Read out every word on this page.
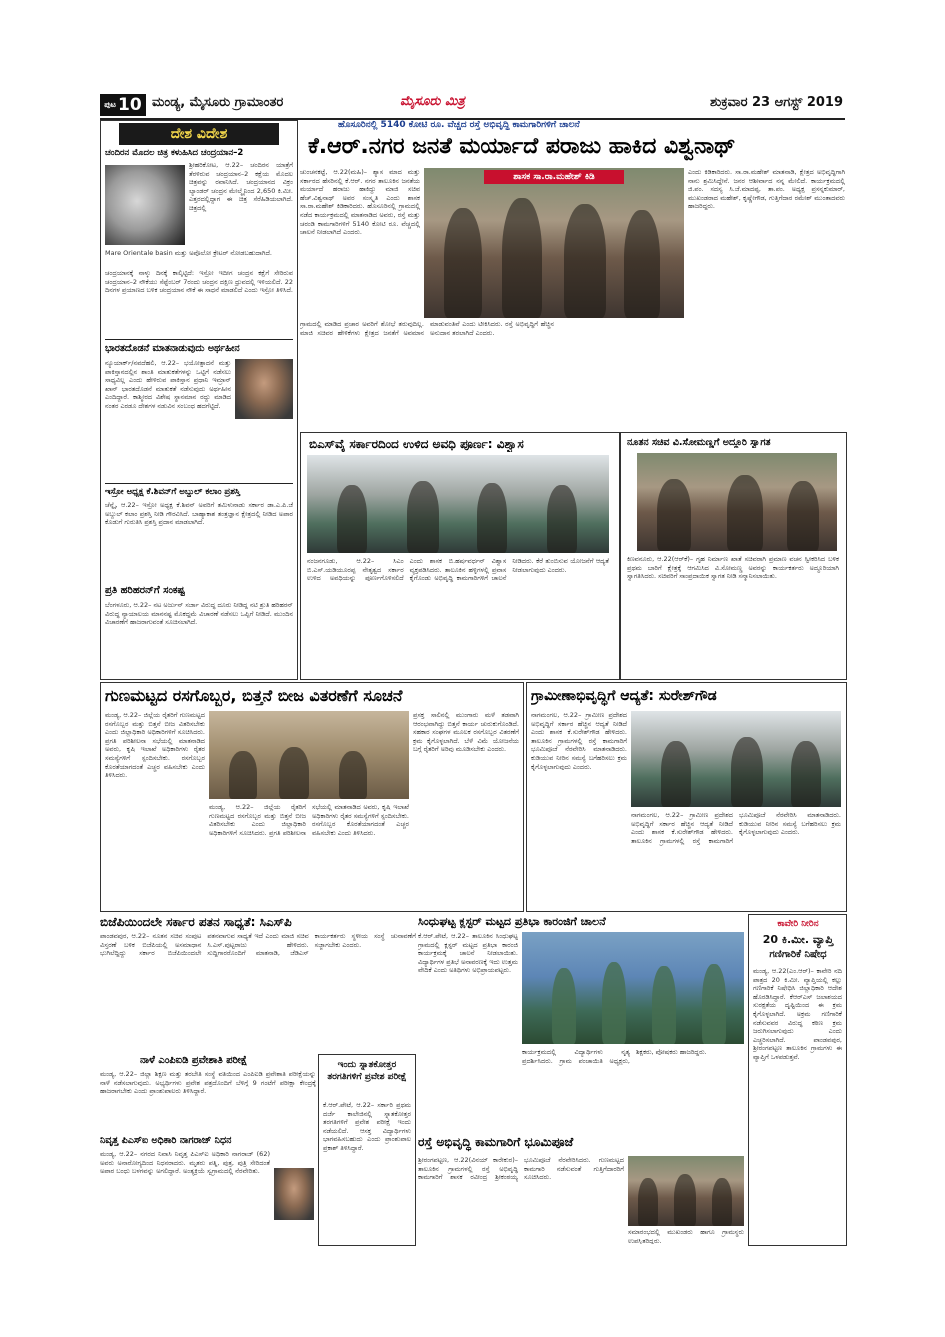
$^{ಪುಟ}$ 10 ಮಂಡ್ಯ, ಮೈಸೂರು ಗ್ರಾಮಾಂತರ	ಮೈಸೂರು ಮಿತ್ರ	ಶುಕ್ರವಾರ 23 ಆಗಸ್ಟ್ 2019
ದೇಶ ವಿದೇಶ
ಚಂದಿರನ ಮೊದಲ ಚಿತ್ರ ಕಳುಹಿಸಿದ ಚಂದ್ರಯಾನ–2
ಶ್ರೀಹರಿಕೋಟ, ಆ.22– ಚಂದಿರನ ಯಾತ್ರೆಗೆ ತೆರಳಿರುವ ಚಂದ್ರಯಾನ–2 ಕಕ್ಷೆಯ ಮೊದಲ ಚಿತ್ರವನ್ನು ರವಾನಿಸಿದೆ. ಚಂದ್ರಯಾನದ ವಿಕ್ರಂ ಲ್ಯಾಂಡರ್ ಚಂದ್ರನ ಮೇಲ್ಮೈನಿಂದ 2,650 ಕಿ.ಮೀ. ಎತ್ತರದಲ್ಲಿದ್ದಾಗ ಈ ಚಿತ್ರ ಸೆರೆಹಿಡಿಯಲಾಗಿದೆ. ಚಿತ್ರದಲ್ಲಿ
Mare Orientale basin ಮತ್ತು ಅಪೊಲೋ ಕ್ರೇಟರ್ ನೋಡಬಹುದಾಗಿದೆ.
ಚಂದ್ರಯಾನಕ್ಕೆ ನಾಳ್ಕು ದಿನಕ್ಕೆ ಕಾಲ್ಕಿಟ್ಟಿದೆ: ಇಸ್ರೋ ಇದೀಗ ಚಂದ್ರನ ಕಕ್ಷೆಗೆ ಸೇರಿರುವ ಚಂದ್ರಯಾನ–2 ನೌಕೆಯು ಸೆಪ್ಟೆಂಬರ್ 7ರಂದು ಚಂದ್ರನ ದಕ್ಷಿಣ ಧ್ರುವದಲ್ಲಿ ಇಳಿಯಲಿದೆ. 22 ದಿನಗಳ ಪ್ರಯಾಣದ ಬಳಿಕ ಚಂದ್ರಯಾನ ನೌಕೆ ಈ ಸಾಧನೆ ಮಾಡಲಿದೆ ಎಂದು ಇಸ್ರೋ ತಿಳಿಸಿದೆ.
ಭಾರತದೊಡನೆ ಮಾತನಾಡುವುದು ಅರ್ಥಹೀನ
ನ್ಯೂಯಾರ್ಕ್/ನವದೆಹಲಿ, ಆ.22– ಭಯೋತ್ಪಾದನೆ ಮತ್ತು ಪಾಕಿಸ್ತಾನದಲ್ಲಿನ ಶಾಂತಿ ಮಾತುಕತೆಗಳನ್ನು ಒಟ್ಟಿಗೆ ನಡೆಸಲು ಸಾಧ್ಯವಿಲ್ಲ ಎಂದು ಹೇಳಿರುವ ಪಾಕಿಸ್ತಾನ ಪ್ರಧಾನಿ ಇಮ್ರಾನ್ ಖಾನ್ ಭಾರತದೊಡನೆ ಮಾತುಕತೆ ನಡೆಸುವುದು ಅರ್ಥಹೀನ ಎಂದಿದ್ದಾರೆ. ಕಾಶ್ಮೀರದ ವಿಶೇಷ ಸ್ಥಾನಮಾನ ರದ್ದು ಮಾಡಿದ ನಂತರ ಎರಡೂ ದೇಶಗಳ ನಡುವಿನ ಸಂಬಂಧ ಹದಗೆಟ್ಟಿದೆ.
ಇಸ್ರೋ ಅಧ್ಯಕ್ಷ ಕೆ.ಶಿವನ್‌ಗೆ ಅಬ್ದುಲ್ ಕಲಾಂ ಪ್ರಶಸ್ತಿ
ಚೆನ್ನೈ, ಆ.22– ಇಸ್ರೋ ಅಧ್ಯಕ್ಷ ಕೆ.ಶಿವನ್ ಅವರಿಗೆ ತಮಿಳುನಾಡು ಸರ್ಕಾರ ಡಾ.ಎ.ಪಿ.ಜೆ ಅಬ್ದುಲ್ ಕಲಾಂ ಪ್ರಶಸ್ತಿ ನೀಡಿ ಗೌರವಿಸಿದೆ. ಬಾಹ್ಯಾಕಾಶ ತಂತ್ರಜ್ಞಾನ ಕ್ಷೇತ್ರದಲ್ಲಿ ನೀಡಿದ ಅಪಾರ ಕೊಡುಗೆ ಗುರುತಿಸಿ ಪ್ರಶಸ್ತಿ ಪ್ರದಾನ ಮಾಡಲಾಗಿದೆ.
ಪ್ರತಿ ಹರಿಹರನ್‌ಗೆ ಸಂಕಷ್ಟ
ಬೆಂಗಳೂರು, ಆ.22– ನಟ ಅರ್ಜುನ್ ಸರ್ಜಾ ವಿರುದ್ಧ ದೂರು ನೀಡಿದ್ದ ನಟಿ ಶ್ರುತಿ ಹರಿಹರನ್ ವಿರುದ್ಧ ನ್ಯಾಯಾಲಯ ಮಾನನಷ್ಟ ಮೊಕದ್ದಮೆ ವಿಚಾರಣೆ ನಡೆಸಲು ಒಪ್ಪಿಗೆ ನೀಡಿದೆ. ಮುಂದಿನ ವಿಚಾರಣೆಗೆ ಹಾಜರಾಗುವಂತೆ ಸೂಚಿಸಲಾಗಿದೆ.
ಹೊಸೂರಿನಲ್ಲಿ 5140 ಕೋಟಿ ರೂ. ವೆಚ್ಚದ ರಸ್ತೆ ಅಭಿವೃದ್ಧಿ ಕಾಮಗಾರಿಗಳಿಗೆ ಚಾಲನೆ
ಕೆ.ಆರ್.ನಗರ ಜನತೆ ಮರ್ಯಾದೆ ಪರಾಜು ಹಾಕಿದ ವಿಶ್ವನಾಥ್
ಚುಂಚನಕಟ್ಟೆ, ಆ.22(ಮಹಿ)– ಶ್ಯಾಸ ಮಾದ ಮತ್ತು ಸರ್ಕಾರದ ಹೆಸರಿನಲ್ಲಿ ಕೆ.ಆರ್. ನಗರ ತಾಲೂಕಿನ ಜನತೆಯ ಮರ್ಯಾದೆ ಹರಾಜು ಹಾಕಿದ್ದು ಮಾಜಿ ಸಚಿವ ಹೆಚ್.ವಿಶ್ವನಾಥ್ ಅವರ ಸಂಸ್ಕೃತಿ ಎಂದು ಶಾಸಕ ಸಾ.ರಾ.ಮಹೇಶ್ ಕಿಡಿಕಾರಿದರು. ಹೊಸೂರಿನಲ್ಲಿ ಗ್ರಾಮದಲ್ಲಿ ನಡೆದ ಕಾರ್ಯಕ್ರಮದಲ್ಲಿ ಮಾತನಾಡಿದ ಅವರು, ರಸ್ತೆ ಮತ್ತು ಚರಂಡಿ ಕಾಮಗಾರಿಗಳಿಗೆ 5140 ಕೋಟಿ ರೂ. ವೆಚ್ಚದಲ್ಲಿ ಚಾಲನೆ ನೀಡಲಾಗಿದೆ ಎಂದರು.
ಶಾಸಕ ಸಾ.ರಾ.ಮಹೇಶ್ ಕಿಡಿ	ಎಂದು ಕಿಡಿಕಾರಿದರು. ಸಾ.ರಾ.ಮಹೇಶ್ ಮಾತನಾಡಿ, ಕ್ಷೇತ್ರದ ಅಭಿವೃದ್ಧಿಗಾಗಿ ನಾನು ಶ್ರಮಿಸಿದ್ದೇನೆ. ಜನರ ಆಶೀರ್ವಾದ ನನ್ನ ಮೇಲಿದೆ. ಕಾರ್ಯಕ್ರಮದಲ್ಲಿ ಜಿ.ಪಂ. ಸದಸ್ಯ ಸಿ.ಜೆ.ಮಾದಪ್ಪ, ತಾ.ಪಂ. ಅಧ್ಯಕ್ಷ ಪ್ರಸನ್ನಕುಮಾರ್, ಮುಖಂಡರಾದ ಮಹೇಶ್, ಕೃಷ್ಣೇಗೌಡ, ಗುತ್ತಿಗೆದಾರ ರಮೇಶ್ ಮುಂತಾದವರು ಹಾಜರಿದ್ದರು.
ಗ್ರಾಮದಲ್ಲಿ ಮಾಡಿದ ಪ್ರಚಾರ ಅವರಿಗೆ ಶೋಭೆ ತರುವುದಿಲ್ಲ. ಮಾಜಿ ಸಚಿವರ ಹೇಳಿಕೆಗಳು ಕ್ಷೇತ್ರದ ಜನತೆಗೆ ಅವಮಾನ ಮಾಡುವಂತಿವೆ ಎಂದು ಟೀಕಿಸಿದರು. ರಸ್ತೆ ಅಭಿವೃದ್ಧಿಗೆ ಹೆಚ್ಚಿನ ಅನುದಾನ ತರಲಾಗಿದೆ ಎಂದರು.
ಬಿಎಸ್‌ವೈ ಸರ್ಕಾರದಿಂದ ಉಳಿದ ಅವಧಿ ಪೂರ್ಣ: ವಿಶ್ವಾಸ
ನಂಜನಗೂಡು, ಆ.22– ಸಿಎಂ ಬಿ.ಎಸ್.ಯಡಿಯೂರಪ್ಪ ನೇತೃತ್ವದ ಸರ್ಕಾರ ಉಳಿದ ಅವಧಿಯನ್ನು ಪೂರ್ಣಗೊಳಿಸಲಿದೆ ಎಂದು ಶಾಸಕ ಬಿ.ಹರ್ಷವರ್ಧನ್ ವಿಶ್ವಾಸ ವ್ಯಕ್ತಪಡಿಸಿದರು. ತಾಲೂಕಿನ ಹಳ್ಳಿಗಳಲ್ಲಿ ಪ್ರವಾಸ ಕೈಗೊಂಡು ಅಭಿವೃದ್ಧಿ ಕಾಮಗಾರಿಗಳಿಗೆ ಚಾಲನೆ ನೀಡಿದರು. ಕೆರೆ ತುಂಬಿಸುವ ಯೋಜನೆಗೆ ಆದ್ಯತೆ ನೀಡಲಾಗುವುದು ಎಂದರು.
ನೂತನ ಸಚಿವ ವಿ.ಸೋಮಣ್ಣಗೆ ಅದ್ಧೂರಿ ಸ್ವಾಗತ
ಕಿಣವನೂರು, ಆ.22(ಆರ್‌ಕೆ)– ಗೃಹ ನಿರ್ಮಾಣ ಖಾತೆ ಸಚಿವರಾಗಿ ಪ್ರಮಾಣ ವಚನ ಸ್ವೀಕರಿಸಿದ ಬಳಿಕ ಪ್ರಥಮ ಬಾರಿಗೆ ಕ್ಷೇತ್ರಕ್ಕೆ ಆಗಮಿಸಿದ ವಿ.ಸೋಮಣ್ಣ ಅವರನ್ನು ಕಾರ್ಯಕರ್ತರು ಅದ್ಧೂರಿಯಾಗಿ ಸ್ವಾಗತಿಸಿದರು. ಸಚಿವರಿಗೆ ಸಾಂಪ್ರದಾಯಿಕ ಸ್ವಾಗತ ನೀಡಿ ಸನ್ಮಾನಿಸಲಾಯಿತು.
ಗುಣಮಟ್ಟದ ರಸಗೊಬ್ಬರ, ಬಿತ್ತನೆ ಬೀಜ ವಿತರಣೆಗೆ ಸೂಚನೆ
ಮಂಡ್ಯ, ಆ.22– ಜಿಲ್ಲೆಯ ರೈತರಿಗೆ ಗುಣಮಟ್ಟದ ರಸಗೊಬ್ಬರ ಮತ್ತು ಬಿತ್ತನೆ ಬೀಜ ವಿತರಿಸಬೇಕು ಎಂದು ಜಿಲ್ಲಾಧಿಕಾರಿ ಅಧಿಕಾರಿಗಳಿಗೆ ಸೂಚಿಸಿದರು. ಪ್ರಗತಿ ಪರಿಶೀಲನಾ ಸಭೆಯಲ್ಲಿ ಮಾತನಾಡಿದ ಅವರು, ಕೃಷಿ ಇಲಾಖೆ ಅಧಿಕಾರಿಗಳು ರೈತರ ಸಮಸ್ಯೆಗಳಿಗೆ ಸ್ಪಂದಿಸಬೇಕು. ರಸಗೊಬ್ಬರ ಕೊರತೆಯಾಗದಂತೆ ಎಚ್ಚರ ವಹಿಸಬೇಕು ಎಂದು ತಿಳಿಸಿದರು.
ಪ್ರಸಕ್ತ ಸಾಲಿನಲ್ಲಿ ಮುಂಗಾರು ಮಳೆ ತಡವಾಗಿ ಆರಂಭವಾಗಿದ್ದು ಬಿತ್ತನೆ ಕಾರ್ಯ ಚುರುಕುಗೊಂಡಿದೆ. ಸಹಕಾರ ಸಂಘಗಳ ಮೂಲಕ ರಸಗೊಬ್ಬರ ವಿತರಣೆಗೆ ಕ್ರಮ ಕೈಗೊಳ್ಳಲಾಗಿದೆ. ಬೆಳೆ ವಿಮೆ ಯೋಜನೆಯ ಬಗ್ಗೆ ರೈತರಿಗೆ ಅರಿವು ಮೂಡಿಸಬೇಕು ಎಂದರು.
ಮಂಡ್ಯ, ಆ.22– ಜಿಲ್ಲೆಯ ರೈತರಿಗೆ ಗುಣಮಟ್ಟದ ರಸಗೊಬ್ಬರ ಮತ್ತು ಬಿತ್ತನೆ ಬೀಜ ವಿತರಿಸಬೇಕು ಎಂದು ಜಿಲ್ಲಾಧಿಕಾರಿ ಅಧಿಕಾರಿಗಳಿಗೆ ಸೂಚಿಸಿದರು. ಪ್ರಗತಿ ಪರಿಶೀಲನಾ ಸಭೆಯಲ್ಲಿ ಮಾತನಾಡಿದ ಅವರು, ಕೃಷಿ ಇಲಾಖೆ ಅಧಿಕಾರಿಗಳು ರೈತರ ಸಮಸ್ಯೆಗಳಿಗೆ ಸ್ಪಂದಿಸಬೇಕು. ರಸಗೊಬ್ಬರ ಕೊರತೆಯಾಗದಂತೆ ಎಚ್ಚರ ವಹಿಸಬೇಕು ಎಂದು ತಿಳಿಸಿದರು.
ಗ್ರಾಮೀಣಾಭಿವೃದ್ಧಿಗೆ ಆದ್ಯತೆ: ಸುರೇಶ್‌ಗೌಡ
ನಾಗಮಂಗಲ, ಆ.22– ಗ್ರಾಮೀಣ ಪ್ರದೇಶದ ಅಭಿವೃದ್ಧಿಗೆ ಸರ್ಕಾರ ಹೆಚ್ಚಿನ ಆದ್ಯತೆ ನೀಡಿದೆ ಎಂದು ಶಾಸಕ ಕೆ.ಸುರೇಶ್‌ಗೌಡ ಹೇಳಿದರು. ತಾಲೂಕಿನ ಗ್ರಾಮಗಳಲ್ಲಿ ರಸ್ತೆ ಕಾಮಗಾರಿಗೆ ಭೂಮಿಪೂಜೆ ನೆರವೇರಿಸಿ ಮಾತನಾಡಿದರು. ಕುಡಿಯುವ ನೀರಿನ ಸಮಸ್ಯೆ ಬಗೆಹರಿಸಲು ಕ್ರಮ ಕೈಗೊಳ್ಳಲಾಗುವುದು ಎಂದರು.
ನಾಗಮಂಗಲ, ಆ.22– ಗ್ರಾಮೀಣ ಪ್ರದೇಶದ ಅಭಿವೃದ್ಧಿಗೆ ಸರ್ಕಾರ ಹೆಚ್ಚಿನ ಆದ್ಯತೆ ನೀಡಿದೆ ಎಂದು ಶಾಸಕ ಕೆ.ಸುರೇಶ್‌ಗೌಡ ಹೇಳಿದರು. ತಾಲೂಕಿನ ಗ್ರಾಮಗಳಲ್ಲಿ ರಸ್ತೆ ಕಾಮಗಾರಿಗೆ ಭೂಮಿಪೂಜೆ ನೆರವೇರಿಸಿ ಮಾತನಾಡಿದರು. ಕುಡಿಯುವ ನೀರಿನ ಸಮಸ್ಯೆ ಬಗೆಹರಿಸಲು ಕ್ರಮ ಕೈಗೊಳ್ಳಲಾಗುವುದು ಎಂದರು.
ಬಿಜೆಪಿಯಿಂದಲೇ ಸರ್ಕಾರ ಪತನ ಸಾಧ್ಯತೆ: ಸಿಎಸ್‌ಪಿ
ಪಾಂಡವಪುರ, ಆ.22– ನೂತನ ಸಚಿವ ಸಂಪುಟ ವಿಸ್ತರಣೆ ಬಳಿಕ ಬಿಜೆಪಿಯಲ್ಲಿ ಅಸಮಾಧಾನ ಭುಗಿಲೆದ್ದಿದ್ದು ಸರ್ಕಾರ ಬಿಜೆಪಿಯಿಂದಲೇ ಪತನವಾಗುವ ಸಾಧ್ಯತೆ ಇದೆ ಎಂದು ಮಾಜಿ ಸಚಿವ ಸಿ.ಎಸ್.ಪುಟ್ಟರಾಜು ಹೇಳಿದರು. ಸುದ್ದಿಗಾರರೊಂದಿಗೆ ಮಾತನಾಡಿ, ಜೆಡಿಎಸ್ ಕಾರ್ಯಕರ್ತರು ಸ್ಥಳೀಯ ಸಂಸ್ಥೆ ಚುನಾವಣೆಗೆ ಸಜ್ಜಾಗಬೇಕು ಎಂದರು.
ಸಿಂಧುಘಟ್ಟ ಕ್ಲಸ್ಟರ್ ಮಟ್ಟದ ಪ್ರತಿಭಾ ಕಾರಂಜಿಗೆ ಚಾಲನೆ
ಕೆ.ಆರ್.ಪೇಟೆ, ಆ.22– ತಾಲೂಕಿನ ಸಿಂಧುಘಟ್ಟ ಗ್ರಾಮದಲ್ಲಿ ಕ್ಲಸ್ಟರ್ ಮಟ್ಟದ ಪ್ರತಿಭಾ ಕಾರಂಜಿ ಕಾರ್ಯಕ್ರಮಕ್ಕೆ ಚಾಲನೆ ನೀಡಲಾಯಿತು. ವಿದ್ಯಾರ್ಥಿಗಳ ಪ್ರತಿಭೆ ಅನಾವರಣಕ್ಕೆ ಇದು ಉತ್ತಮ ವೇದಿಕೆ ಎಂದು ಅತಿಥಿಗಳು ಅಭಿಪ್ರಾಯಪಟ್ಟರು.
ಕಾರ್ಯಕ್ರಮದಲ್ಲಿ ವಿದ್ಯಾರ್ಥಿಗಳು ನೃತ್ಯ ಪ್ರದರ್ಶಿಸಿದರು. ಗ್ರಾಮ ಪಂಚಾಯಿತಿ ಅಧ್ಯಕ್ಷರು, ಶಿಕ್ಷಕರು, ಪೋಷಕರು ಹಾಜರಿದ್ದರು.
ಕಾವೇರಿ ನೀರಿನ
20 ಕಿ.ಮೀ. ವ್ಯಾಪ್ತಿ
ಗಣಿಗಾರಿಕೆ ನಿಷೇಧ
ಮಂಡ್ಯ, ಆ.22(ಎಂ.ಆರ್)– ಕಾವೇರಿ ನದಿ ಪಾತ್ರದ 20 ಕಿ.ಮೀ. ವ್ಯಾಪ್ತಿಯಲ್ಲಿ ಕಲ್ಲು ಗಣಿಗಾರಿಕೆ ನಿಷೇಧಿಸಿ ಜಿಲ್ಲಾಧಿಕಾರಿ ಆದೇಶ ಹೊರಡಿಸಿದ್ದಾರೆ. ಕೆಆರ್‌ಎಸ್ ಜಲಾಶಯದ ಸುರಕ್ಷತೆಯ ದೃಷ್ಟಿಯಿಂದ ಈ ಕ್ರಮ ಕೈಗೊಳ್ಳಲಾಗಿದೆ. ಅಕ್ರಮ ಗಣಿಗಾರಿಕೆ ನಡೆಸುವವರ ವಿರುದ್ಧ ಕಠಿಣ ಕ್ರಮ ಜರುಗಿಸಲಾಗುವುದು ಎಂದು ಎಚ್ಚರಿಸಲಾಗಿದೆ. ಪಾಂಡವಪುರ, ಶ್ರೀರಂಗಪಟ್ಟಣ ತಾಲೂಕಿನ ಗ್ರಾಮಗಳು ಈ ವ್ಯಾಪ್ತಿಗೆ ಒಳಪಡುತ್ತವೆ.
ನಾಳೆ ಎಂಪಿಐಡಿ ಪ್ರವೇಶಾತಿ ಪರೀಕ್ಷೆ
ಮಂಡ್ಯ, ಆ.22– ಜಿಲ್ಲಾ ಶಿಕ್ಷಣ ಮತ್ತು ತರಬೇತಿ ಸಂಸ್ಥೆ ವತಿಯಿಂದ ಎಂಪಿಐಡಿ ಪ್ರವೇಶಾತಿ ಪರೀಕ್ಷೆಯನ್ನು ನಾಳೆ ನಡೆಸಲಾಗುವುದು. ಅಭ್ಯರ್ಥಿಗಳು ಪ್ರವೇಶ ಪತ್ರದೊಂದಿಗೆ ಬೆಳಿಗ್ಗೆ 9 ಗಂಟೆಗೆ ಪರೀಕ್ಷಾ ಕೇಂದ್ರಕ್ಕೆ ಹಾಜರಾಗಬೇಕು ಎಂದು ಪ್ರಾಂಶುಪಾಲರು ತಿಳಿಸಿದ್ದಾರೆ.
ಇಂದು ಸ್ನಾತಕೋತ್ತರ ತರಗತಿಗಳಿಗೆ ಪ್ರವೇಶ ಪರೀಕ್ಷೆ
ಕೆ.ಆರ್.ಪೇಟೆ, ಆ.22– ಸರ್ಕಾರಿ ಪ್ರಥಮ ದರ್ಜೆ ಕಾಲೇಜಿನಲ್ಲಿ ಸ್ನಾತಕೋತ್ತರ ತರಗತಿಗಳಿಗೆ ಪ್ರವೇಶ ಪರೀಕ್ಷೆ ಇಂದು ನಡೆಯಲಿದೆ. ಆಸಕ್ತ ವಿದ್ಯಾರ್ಥಿಗಳು ಭಾಗವಹಿಸಬಹುದು ಎಂದು ಪ್ರಾಂಶುಪಾಲ ಪ್ರಕಾಶ್ ತಿಳಿಸಿದ್ದಾರೆ.
ನಿವೃತ್ತ ಪಿಎಸ್‌ಐ ಅಧಿಕಾರಿ ನಾಗರಾಜ್ ನಿಧನ
ಮಂಡ್ಯ, ಆ.22– ನಗರದ ನಿವಾಸಿ ನಿವೃತ್ತ ಪಿಎಸ್‌ಐ ಅಧಿಕಾರಿ ನಾಗರಾಜ್ (62) ಅವರು ಅನಾರೋಗ್ಯದಿಂದ ನಿಧನರಾದರು. ಮೃತರು ಪತ್ನಿ, ಪುತ್ರ, ಪುತ್ರಿ ಸೇರಿದಂತೆ ಅಪಾರ ಬಂಧು ಬಳಗವನ್ನು ಅಗಲಿದ್ದಾರೆ. ಅಂತ್ಯಕ್ರಿಯೆ ಸ್ವಗ್ರಾಮದಲ್ಲಿ ನೆರವೇರಿತು.
ರಸ್ತೆ ಅಭಿವೃದ್ಧಿ ಕಾಮಗಾರಿಗೆ ಭೂಮಿಪೂಜೆ
ಶ್ರೀರಂಗಪಟ್ಟಣ, ಆ.22(ವಿನಯ್ ಕಾರೇಕುರ)– ತಾಲೂಕಿನ ಗ್ರಾಮಗಳಲ್ಲಿ ರಸ್ತೆ ಅಭಿವೃದ್ಧಿ ಕಾಮಗಾರಿಗೆ ಶಾಸಕ ರವೀಂದ್ರ ಶ್ರೀಕಂಠಯ್ಯ ಭೂಮಿಪೂಜೆ ನೆರವೇರಿಸಿದರು. ಗುಣಮಟ್ಟದ ಕಾಮಗಾರಿ ನಡೆಸುವಂತೆ ಗುತ್ತಿಗೆದಾರರಿಗೆ ಸೂಚಿಸಿದರು.
ಸಮಾರಂಭದಲ್ಲಿ ಮುಖಂಡರು ಹಾಗೂ ಗ್ರಾಮಸ್ಥರು ಉಪಸ್ಥಿತರಿದ್ದರು.
